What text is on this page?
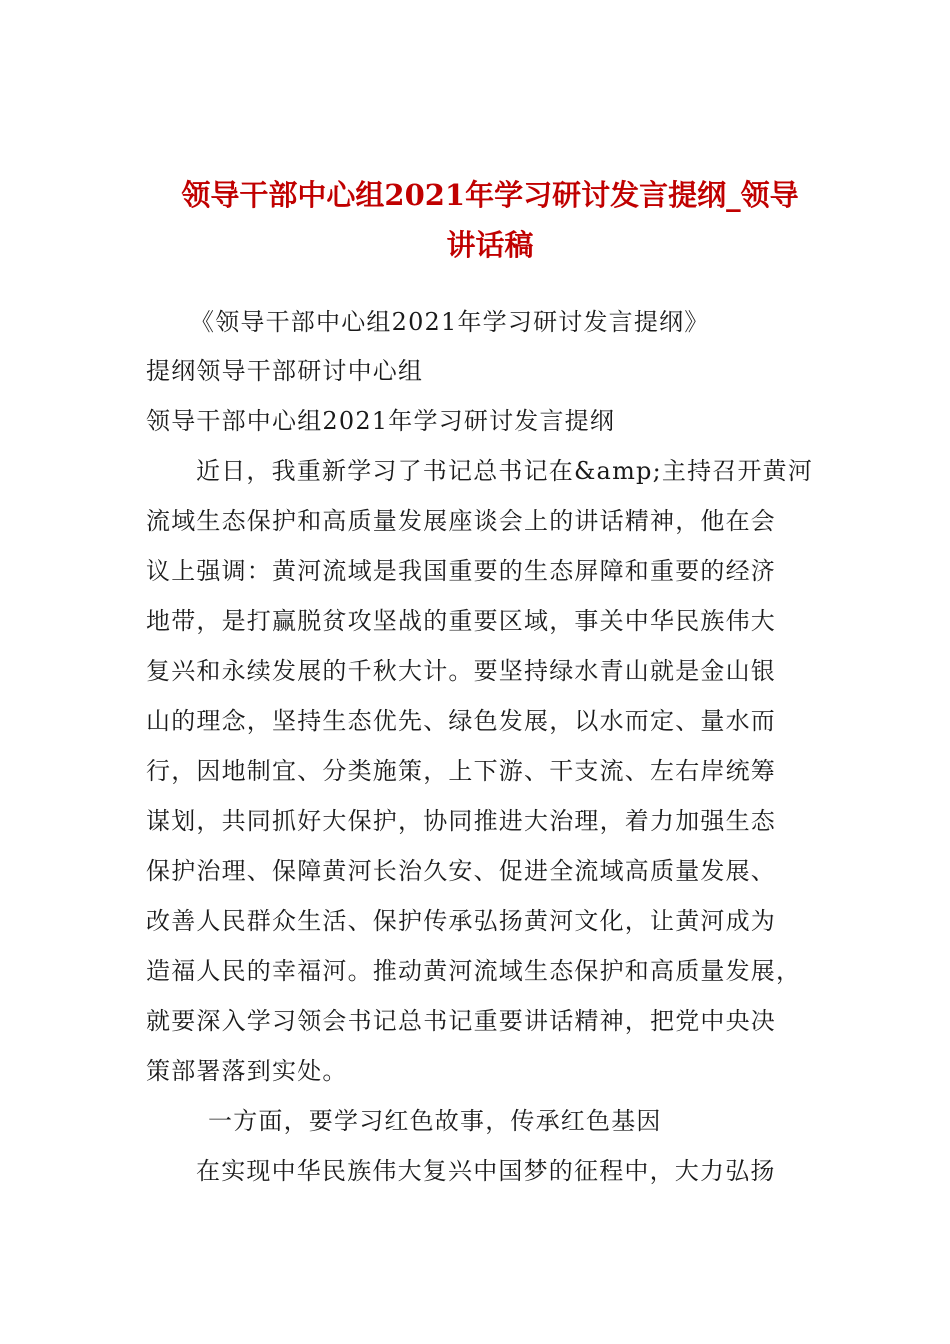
领导干部中心组2021年学习研讨发言提纲_领导
讲话稿
《领导干部中心组2021年学习研讨发言提纲》
提纲领导干部研讨中心组
领导干部中心组2021年学习研讨发言提纲
近日，我重新学习了书记总书记在&amp;主持召开黄河
流域生态保护和高质量发展座谈会上的讲话精神，他在会
议上强调：黄河流域是我国重要的生态屏障和重要的经济
地带，是打赢脱贫攻坚战的重要区域，事关中华民族伟大
复兴和永续发展的千秋大计。要坚持绿水青山就是金山银
山的理念，坚持生态优先、绿色发展，以水而定、量水而
行，因地制宜、分类施策，上下游、干支流、左右岸统筹
谋划，共同抓好大保护，协同推进大治理，着力加强生态
保护治理、保障黄河长治久安、促进全流域高质量发展、
改善人民群众生活、保护传承弘扬黄河文化，让黄河成为
造福人民的幸福河。推动黄河流域生态保护和高质量发展，
就要深入学习领会书记总书记重要讲话精神，把党中央决
策部署落到实处。
一方面，要学习红色故事，传承红色基因
在实现中华民族伟大复兴中国梦的征程中，大力弘扬
